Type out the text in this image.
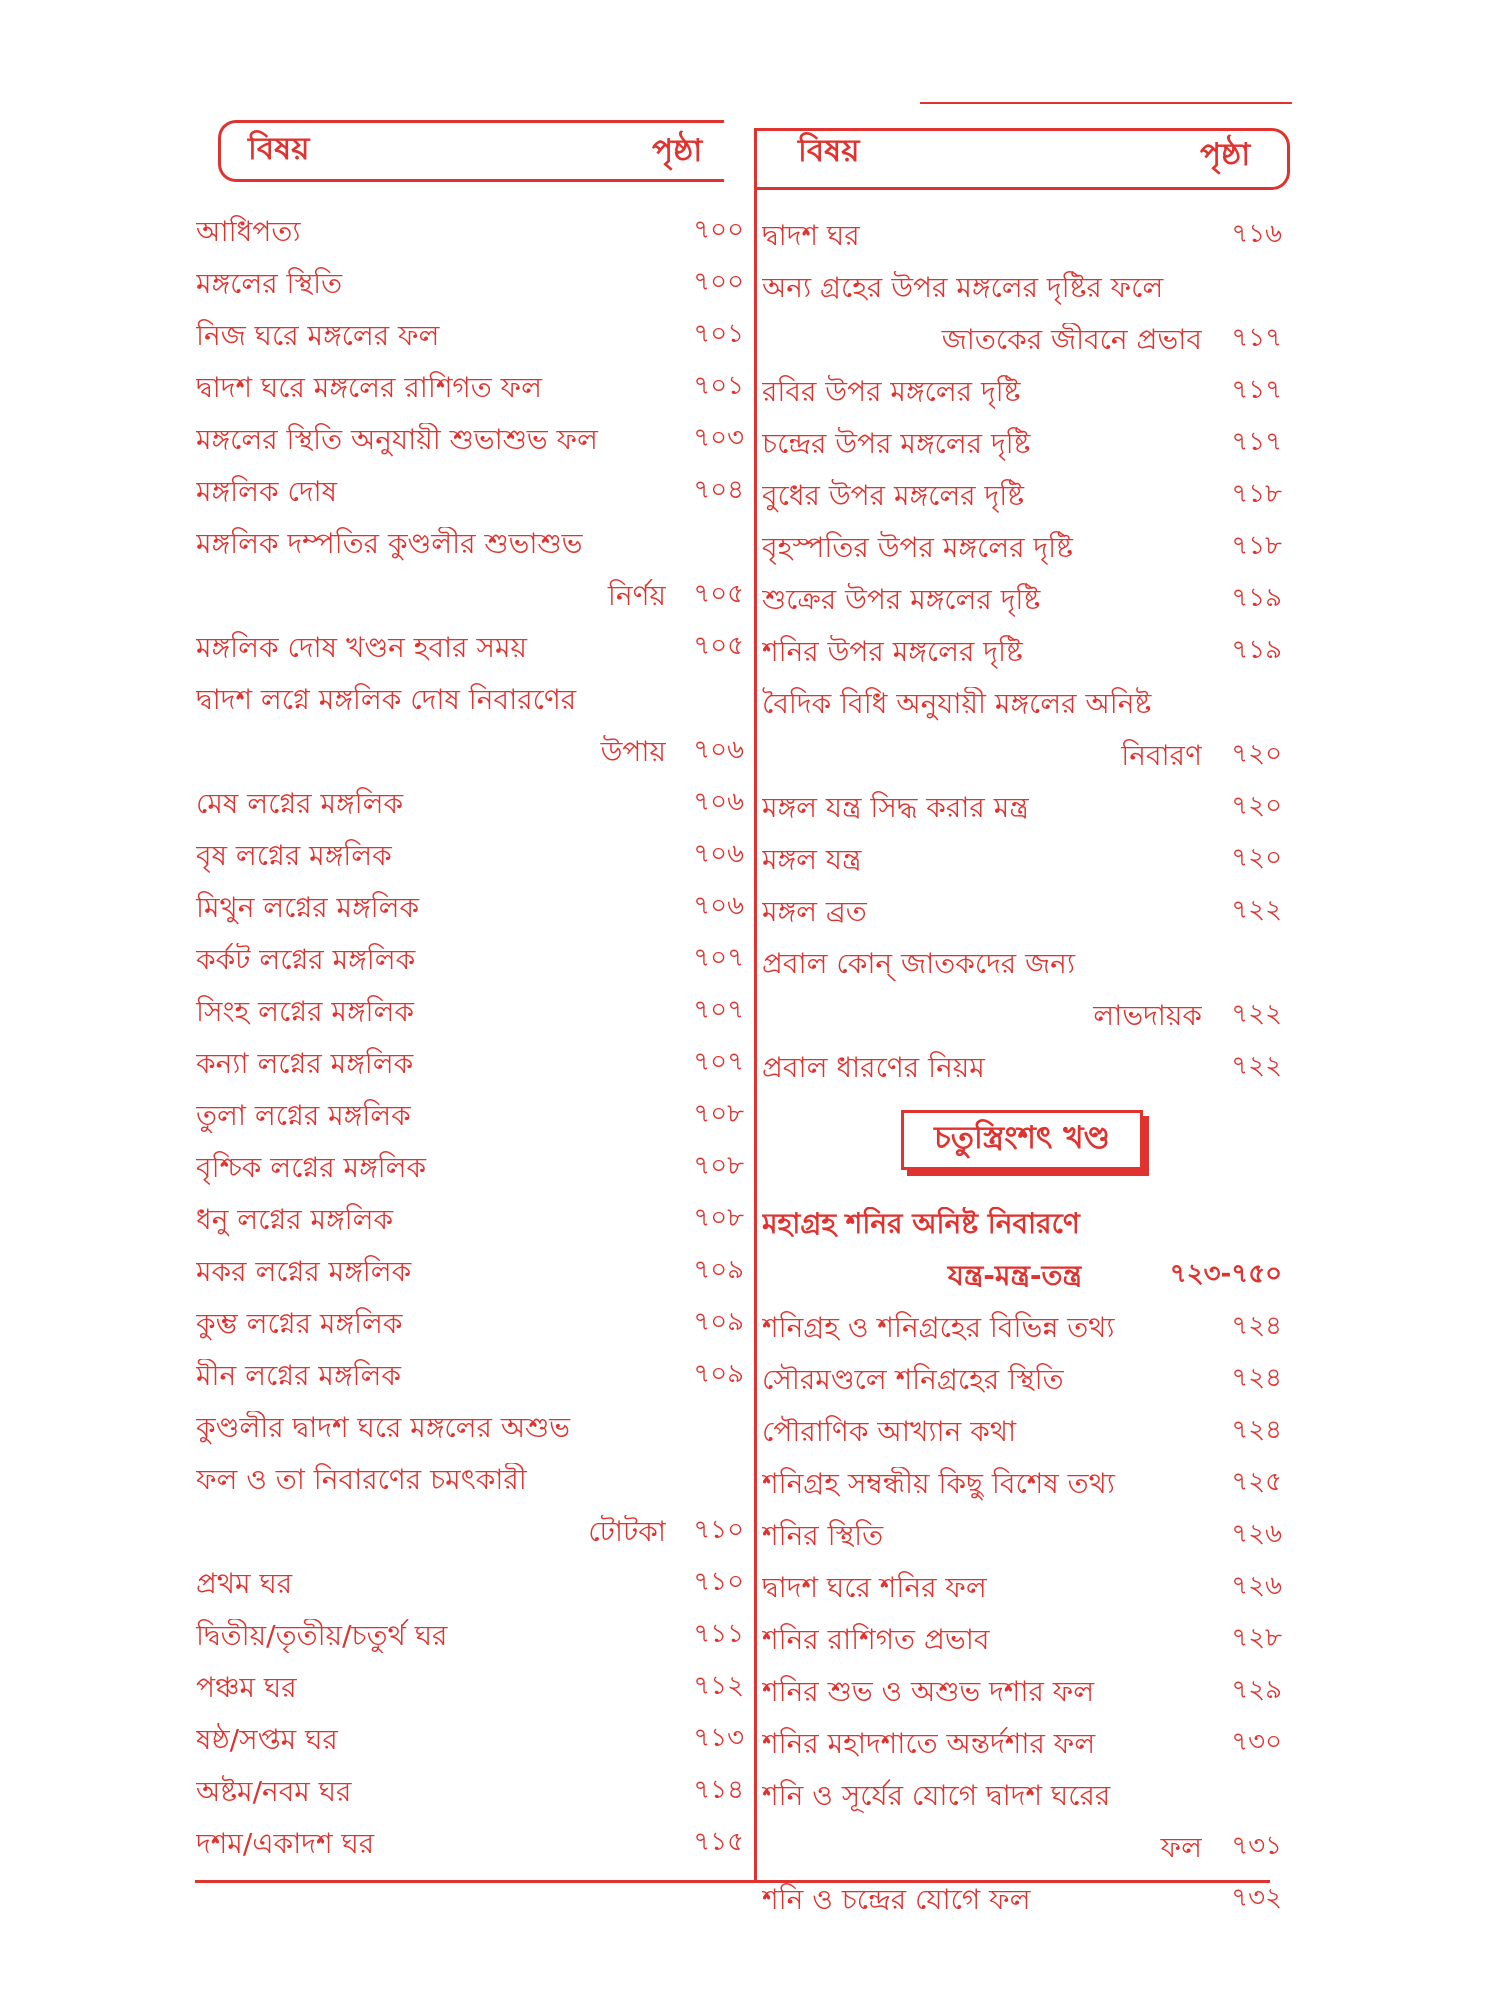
বিষয়	পৃষ্ঠা	বিষয়	পৃষ্ঠা
আধিপত্য	৭০০
মঙ্গলের স্থিতি	৭০০
নিজ ঘরে মঙ্গলের ফল	৭০১
দ্বাদশ ঘরে মঙ্গলের রাশিগত ফল	৭০১
মঙ্গলের স্থিতি অনুযায়ী শুভাশুভ ফল	৭০৩
মঙ্গলিক দোষ	৭০৪
মঙ্গলিক দম্পতির কুণ্ডলীর শুভাশুভ
নির্ণয় ৭০৫
মঙ্গলিক দোষ খণ্ডন হবার সময়	৭০৫
দ্বাদশ লগ্নে মঙ্গলিক দোষ নিবারণের
উপায় ৭০৬
মেষ লগ্নের মঙ্গলিক	৭০৬
বৃষ লগ্নের মঙ্গলিক	৭০৬
মিথুন লগ্নের মঙ্গলিক	৭০৬
কর্কট লগ্নের মঙ্গলিক	৭০৭
সিংহ লগ্নের মঙ্গলিক	৭০৭
কন্যা লগ্নের মঙ্গলিক	৭০৭
তুলা লগ্নের মঙ্গলিক	৭০৮
বৃশ্চিক লগ্নের মঙ্গলিক	৭০৮
ধনু লগ্নের মঙ্গলিক	৭০৮
মকর লগ্নের মঙ্গলিক	৭০৯
কুম্ভ লগ্নের মঙ্গলিক	৭০৯
মীন লগ্নের মঙ্গলিক	৭০৯
কুণ্ডলীর দ্বাদশ ঘরে মঙ্গলের অশুভ
ফল ও তা নিবারণের চমৎকারী
টোটকা ৭১০
প্রথম ঘর	৭১০
দ্বিতীয়/তৃতীয়/চতুর্থ ঘর	৭১১
পঞ্চম ঘর	৭১২
ষষ্ঠ/সপ্তম ঘর	৭১৩
অষ্টম/নবম ঘর	৭১৪
দশম/একাদশ ঘর	৭১৫
দ্বাদশ ঘর	৭১৬
অন্য গ্রহের উপর মঙ্গলের দৃষ্টির ফলে
জাতকের জীবনে প্রভাব ৭১৭
রবির উপর মঙ্গলের দৃষ্টি	৭১৭
চন্দ্রের উপর মঙ্গলের দৃষ্টি	৭১৭
বুধের উপর মঙ্গলের দৃষ্টি	৭১৮
বৃহস্পতির উপর মঙ্গলের দৃষ্টি	৭১৮
শুক্রের উপর মঙ্গলের দৃষ্টি	৭১৯
শনির উপর মঙ্গলের দৃষ্টি	৭১৯
বৈদিক বিধি অনুযায়ী মঙ্গলের অনিষ্ট
নিবারণ ৭২০
মঙ্গল যন্ত্র সিদ্ধ করার মন্ত্র	৭২০
মঙ্গল যন্ত্র	৭২০
মঙ্গল ব্রত	৭২২
প্রবাল কোন্ জাতকদের জন্য
লাভদায়ক ৭২২
প্রবাল ধারণের নিয়ম	৭২২
চতুস্ত্রিংশৎ খণ্ড
মহাগ্রহ শনির অনিষ্ট নিবারণে
যন্ত্র-মন্ত্র-তন্ত্র	৭২৩-৭৫০
শনিগ্রহ ও শনিগ্রহের বিভিন্ন তথ্য	৭২৪
সৌরমণ্ডলে শনিগ্রহের স্থিতি	৭২৪
পৌরাণিক আখ্যান কথা	৭২৪
শনিগ্রহ সম্বন্ধীয় কিছু বিশেষ তথ্য	৭২৫
শনির স্থিতি	৭২৬
দ্বাদশ ঘরে শনির ফল	৭২৬
শনির রাশিগত প্রভাব	৭২৮
শনির শুভ ও অশুভ দশার ফল	৭২৯
শনির মহাদশাতে অন্তর্দশার ফল	৭৩০
শনি ও সূর্যের যোগে দ্বাদশ ঘরের
ফল ৭৩১
শনি ও চন্দ্রের যোগে ফল	৭৩২
